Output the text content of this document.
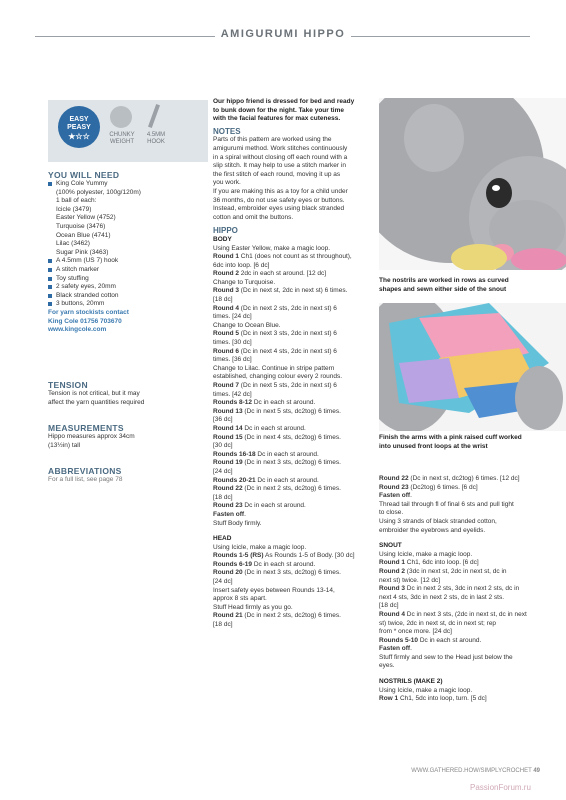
AMIGURUMI HIPPO
EASY
PEASY
★☆☆	CHUNKY WEIGHT
4.5MM HOOK
YOU WILL NEED
King Cole Yummy
(100% polyester, 100g/120m)
1 ball of each:
Icicle (3479)
Easter Yellow (4752)
Turquoise (3476)
Ocean Blue (4741)
Lilac (3462)
Sugar Pink (3463)
A 4.5mm (US 7) hook
A stitch marker
Toy stuffing
2 safety eyes, 20mm
Black stranded cotton
3 buttons, 20mm
For yarn stockists contact
King Cole 01756 703670
www.kingcole.com
TENSION
Tension is not critical, but it may
affect the yarn quantities required
MEASUREMENTS
Hippo measures approx 34cm
(13½in) tall
ABBREVIATIONS
For a full list, see page 78
Our hippo friend is dressed for bed and ready
to bunk down for the night. Take your time
with the facial features for max cuteness.
NOTES
Parts of this pattern are worked using the
amigurumi method. Work stitches continuously
in a spiral without closing off each round with a
slip stitch. It may help to use a stitch marker in
the first stitch of each round, moving it up as
you work.
If you are making this as a toy for a child under
36 months, do not use safety eyes or buttons.
Instead, embroider eyes using black stranded
cotton and omit the buttons.
HIPPO
BODY
Using Easter Yellow, make a magic loop.
Round 1 Ch1 (does not count as st throughout),
6dc into loop. [6 dc]
Round 2 2dc in each st around. [12 dc]
Change to Turquoise.
Round 3 (Dc in next st, 2dc in next st) 6 times.
[18 dc]
Round 4 (Dc in next 2 sts, 2dc in next st) 6
times. [24 dc]
Change to Ocean Blue.
Round 5 (Dc in next 3 sts, 2dc in next st) 6
times. [30 dc]
Round 6 (Dc in next 4 sts, 2dc in next st) 6
times. [36 dc]
Change to Lilac. Continue in stripe pattern
established, changing colour every 2 rounds.
Round 7 (Dc in next 5 sts, 2dc in next st) 6
times. [42 dc]
Rounds 8-12 Dc in each st around.
Round 13 (Dc in next 5 sts, dc2tog) 6 times.
[36 dc]
Round 14 Dc in each st around.
Round 15 (Dc in next 4 sts, dc2tog) 6 times.
[30 dc]
Rounds 16-18 Dc in each st around.
Round 19 (Dc in next 3 sts, dc2tog) 6 times.
[24 dc]
Rounds 20-21 Dc in each st around.
Round 22 (Dc in next 2 sts, dc2tog) 6 times.
[18 dc]
Round 23 Dc in each st around.
Fasten off.
Stuff Body firmly.
HEAD
Using Icicle, make a magic loop.
Rounds 1-5 (RS) As Rounds 1-5 of Body. [30 dc]
Rounds 6-19 Dc in each st around.
Round 20 (Dc in next 3 sts, dc2tog) 6 times.
[24 dc]
Insert safety eyes between Rounds 13-14,
approx 8 sts apart.
Stuff Head firmly as you go.
Round 21 (Dc in next 2 sts, dc2tog) 6 times.
[18 dc]
The nostrils are worked in rows as curved
shapes and sewn either side of the snout
Finish the arms with a pink raised cuff worked
into unused front loops at the wrist
Round 22 (Dc in next st, dc2tog) 6 times. [12 dc]
Round 23 (Dc2tog) 6 times. [6 dc]
Fasten off.
Thread tail through fl of final 6 sts and pull tight
to close.
Using 3 strands of black stranded cotton,
embroider the eyebrows and eyelids.
SNOUT
Using Icicle, make a magic loop.
Round 1 Ch1, 6dc into loop. [6 dc]
Round 2 (3dc in next st, 2dc in next st, dc in
next st) twice. [12 dc]
Round 3 Dc in next 2 sts, 3dc in next 2 sts, dc in
next 4 sts, 3dc in next 2 sts, dc in last 2 sts.
[18 dc]
Round 4 Dc in next 3 sts, (2dc in next st, dc in next
st) twice, 2dc in next st, dc in next st; rep
from * once more. [24 dc]
Rounds 5-10 Dc in each st around.
Fasten off.
Stuff firmly and sew to the Head just below the
eyes.
NOSTRILS (MAKE 2)
Using Icicle, make a magic loop.
Row 1 Ch1, 5dc into loop, turn. [5 dc]
WWW.GATHERED.HOW/SIMPLYCROCHET 49
PassionForum.ru
